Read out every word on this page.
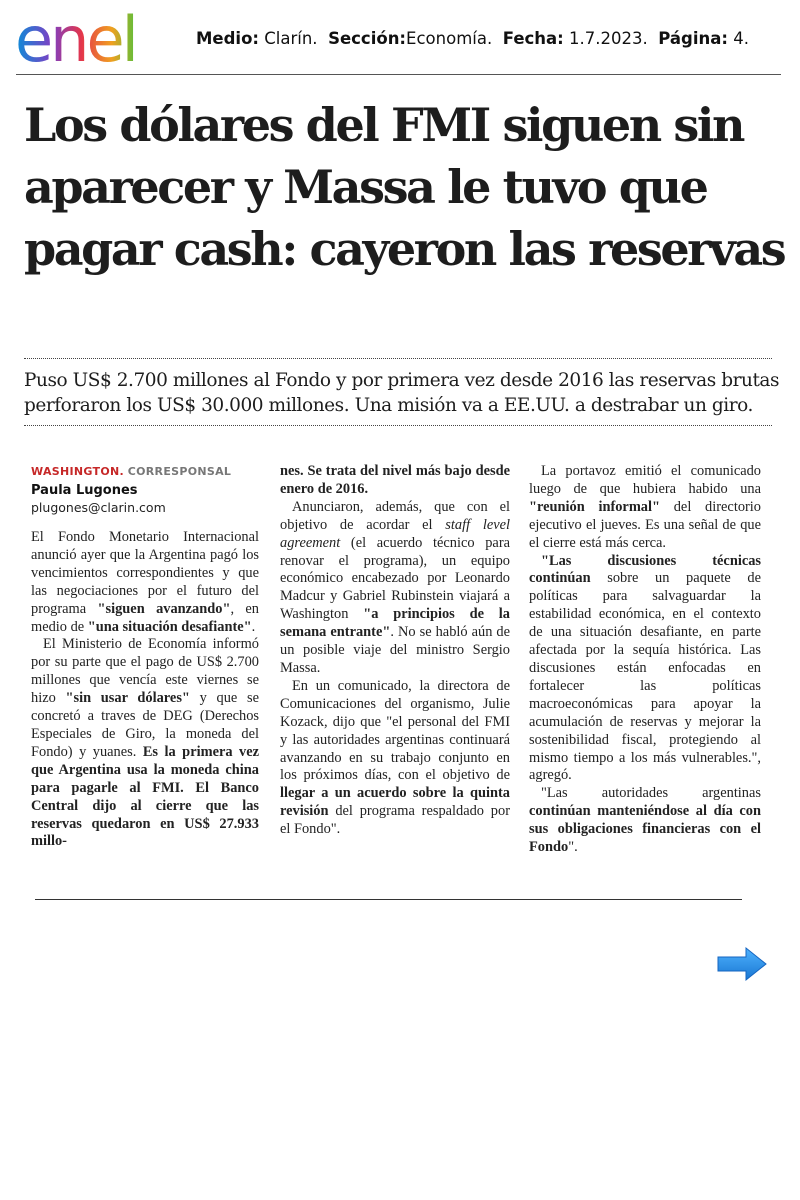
enel	Medio: Clarín. Sección:Economía. Fecha: 1.7.2023. Página: 4.
Los dólares del FMI siguen sin aparecer y Massa le tuvo que pagar cash: cayeron las reservas

Puso US$ 2.700 millones al Fondo y por primera vez desde 2016 las reservas brutas perforaron los US$ 30.000 millones. Una misión va a EE.UU. a destrabar un giro.

WASHINGTON. CORRESPONSAL
Paula Lugones
plugones@clarin.com

El Fondo Monetario Internacional anunció ayer que la Argentina pagó los vencimientos correspondientes y que las negociaciones por el futuro del programa "siguen avanzando", en medio de "una situación desafiante".

El Ministerio de Economía informó por su parte que el pago de US$ 2.700 millones que vencía este viernes se hizo "sin usar dólares" y que se concretó a traves de DEG (Derechos Especiales de Giro, la moneda del Fondo) y yuanes. Es la primera vez que Argentina usa la moneda china para pagarle al FMI. El Banco Central dijo al cierre que las reservas quedaron en US$ 27.933 millo-

nes. Se trata del nivel más bajo desde enero de 2016.

Anunciaron, además, que con el objetivo de acordar el staff level agreement (el acuerdo técnico para renovar el programa), un equipo económico encabezado por Leonardo Madcur y Gabriel Rubinstein viajará a Washington "a principios de la semana entrante". No se habló aún de un posible viaje del ministro Sergio Massa.

En un comunicado, la directora de Comunicaciones del organismo, Julie Kozack, dijo que "el personal del FMI y las autoridades argentinas continuará avanzando en su trabajo conjunto en los próximos días, con el objetivo de llegar a un acuerdo sobre la quinta revisión del programa respaldado por el Fondo".

La portavoz emitió el comunicado luego de que hubiera habido una "reunión informal" del directorio ejecutivo el jueves. Es una señal de que el cierre está más cerca.

"Las discusiones técnicas continúan sobre un paquete de políticas para salvaguardar la estabilidad económica, en el contexto de una situación desafiante, en parte afectada por la sequía histórica. Las discusiones están enfocadas en fortalecer las políticas macroeconómicas para apoyar la acumulación de reservas y mejorar la sostenibilidad fiscal, protegiendo al mismo tiempo a los más vulnerables.", agregó.

"Las autoridades argentinas continúan manteniéndose al día con sus obligaciones financieras con el Fondo".
